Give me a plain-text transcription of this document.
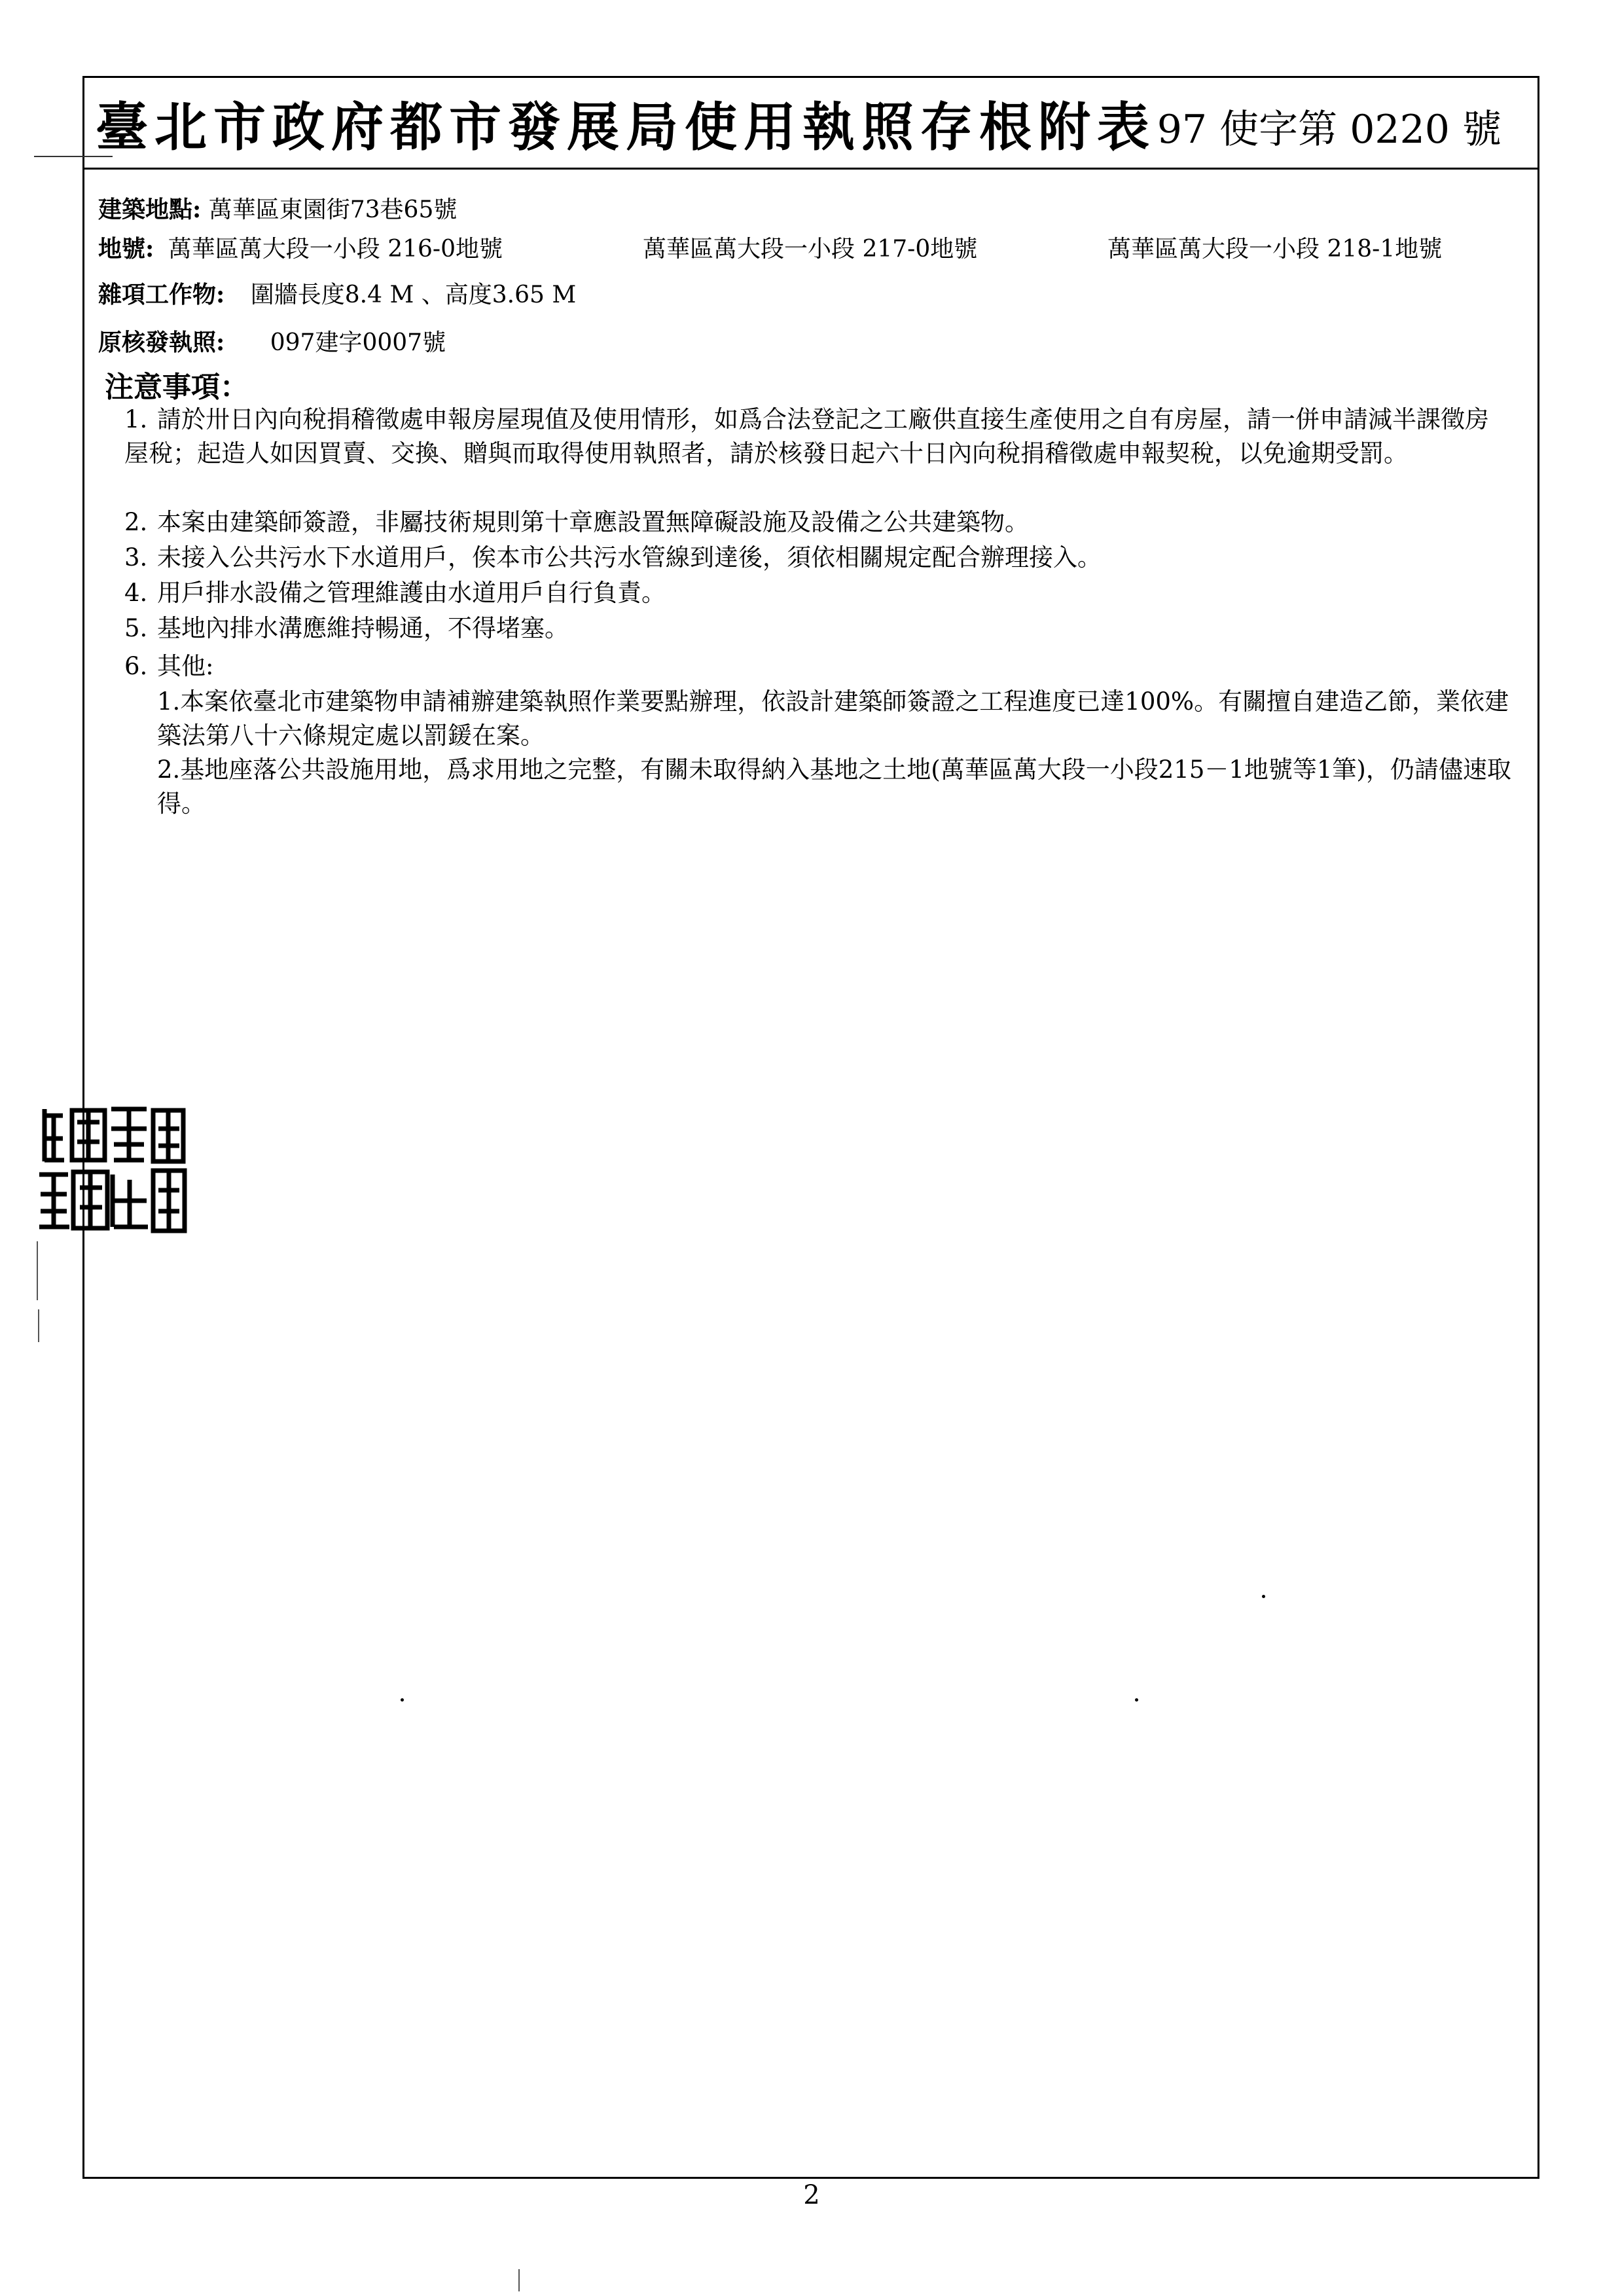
臺北市政府都市發展局使用執照存根附表 97 使字第 0220 號
建築地點: 萬華區東園街73巷65號
地號: 萬華區萬大段一小段 216-0地號	萬華區萬大段一小段 217-0地號	萬華區萬大段一小段 218-1地號
雜項工作物: 圍牆長度8.4 M 、高度3.65 M
原核發執照: 097建字0007號
注意事項：
1. 請於卅日內向稅捐稽徵處申報房屋現值及使用情形，如爲合法登記之工廠供直接生產使用之自有房屋，請一併申請減半課徵房屋稅；起造人如因買賣、交換、贈與而取得使用執照者，請於核發日起六十日內向稅捐稽徵處申報契稅，以免逾期受罰。
2. 本案由建築師簽證，非屬技術規則第十章應設置無障礙設施及設備之公共建築物。
3. 未接入公共污水下水道用戶，俟本市公共污水管線到達後，須依相關規定配合辦理接入。
4. 用戶排水設備之管理維護由水道用戶自行負責。
5. 基地內排水溝應維持暢通，不得堵塞。
6. 其他:
1.本案依臺北市建築物申請補辦建築執照作業要點辦理，依設計建築師簽證之工程進度已達100%。有關擅自建造乙節，業依建築法第八十六條規定處以罰鍰在案。
2.基地座落公共設施用地，爲求用地之完整，有關未取得納入基地之土地(萬華區萬大段一小段215－1地號等1筆)，仍請儘速取得。
2
